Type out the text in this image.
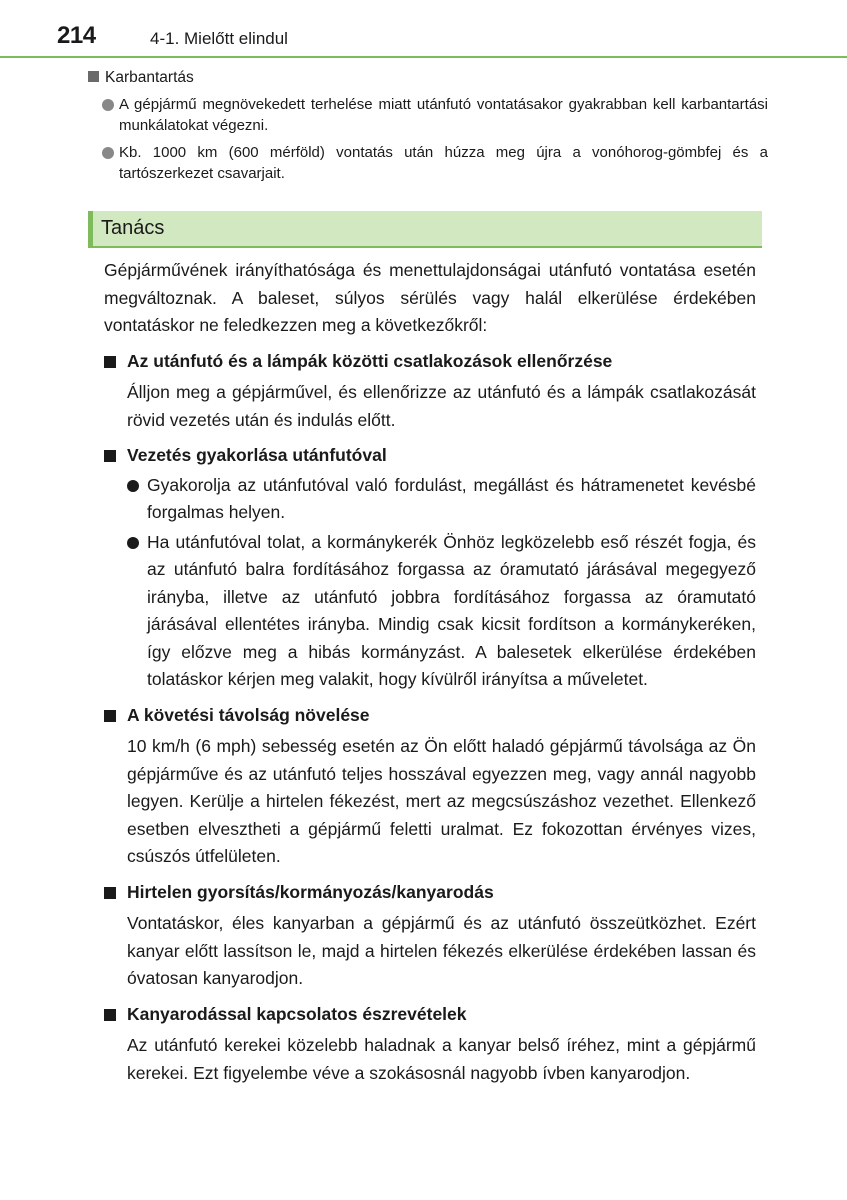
214	4-1. Mielőtt elindul
Karbantartás
A gépjármű megnövekedett terhelése miatt utánfutó vontatásakor gyakrabban kell karbantartási munkálatokat végezni.
Kb. 1000 km (600 mérföld) vontatás után húzza meg újra a vonóhorog-gömbfej és a tartószerkezet csavarjait.
Tanács
Gépjárművének irányíthatósága és menettulajdonságai utánfutó vontatása esetén megváltoznak. A baleset, súlyos sérülés vagy halál elkerülése érdekében vontatáskor ne feledkezzen meg a következőkről:
Az utánfutó és a lámpák közötti csatlakozások ellenőrzése
Álljon meg a gépjárművel, és ellenőrizze az utánfutó és a lámpák csatlakozását rövid vezetés után és indulás előtt.
Vezetés gyakorlása utánfutóval
Gyakorolja az utánfutóval való fordulást, megállást és hátramenetet kevésbé forgalmas helyen.
Ha utánfutóval tolat, a kormánykerék Önhöz legközelebb eső részét fogja, és az utánfutó balra fordításához forgassa az óramutató járásával megegyező irányba, illetve az utánfutó jobbra fordításához forgassa az óramutató járásával ellentétes irányba. Mindig csak kicsit fordítson a kormánykeréken, így előzve meg a hibás kormányzást. A balesetek elkerülése érdekében tolatáskor kérjen meg valakit, hogy kívülről irányítsa a műveletet.
A követési távolság növelése
10 km/h (6 mph) sebesség esetén az Ön előtt haladó gépjármű távolsága az Ön gépjárműve és az utánfutó teljes hosszával egyezzen meg, vagy annál nagyobb legyen. Kerülje a hirtelen fékezést, mert az megcsúszáshoz vezethet. Ellenkező esetben elvesztheti a gépjármű feletti uralmat. Ez fokozottan érvényes vizes, csúszós útfelületen.
Hirtelen gyorsítás/kormányozás/kanyarodás
Vontatáskor, éles kanyarban a gépjármű és az utánfutó összeütközhet. Ezért kanyar előtt lassítson le, majd a hirtelen fékezés elkerülése érdekében lassan és óvatosan kanyarodjon.
Kanyarodással kapcsolatos észrevételek
Az utánfutó kerekei közelebb haladnak a kanyar belső íréhez, mint a gépjármű kerekei. Ezt figyelembe véve a szokásosnál nagyobb ívben kanyarodjon.
